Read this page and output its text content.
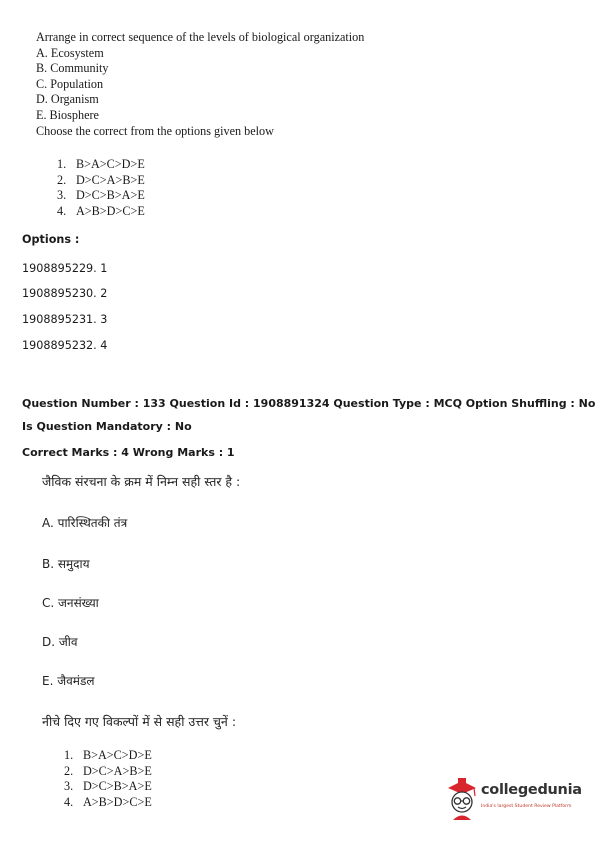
Arrange in correct sequence of the levels of biological organization
A. Ecosystem
B. Community
C. Population
D. Organism
E. Biosphere
Choose the correct from the options given below
1. B>A>C>D>E
2. D>C>A>B>E
3. D>C>B>A>E
4. A>B>D>C>E
Options :
1908895229. 1
1908895230. 2
1908895231. 3
1908895232. 4
Question Number : 133 Question Id : 1908891324 Question Type : MCQ Option Shuffling : No
Is Question Mandatory : No
Correct Marks : 4 Wrong Marks : 1
जैविक संरचना के क्रम में निम्न सही स्तर है :
A. पारिस्थितकी तंत्र
B. समुदाय
C. जनसंख्या
D. जीव
E. जैवमंडल
नीचे दिए गए विकल्पों में से सही उत्तर चुनें :
1. B>A>C>D>E
2. D>C>A>B>E
3. D>C>B>A>E
4. A>B>D>C>E
collegedunia
India's largest Student Review Platform
